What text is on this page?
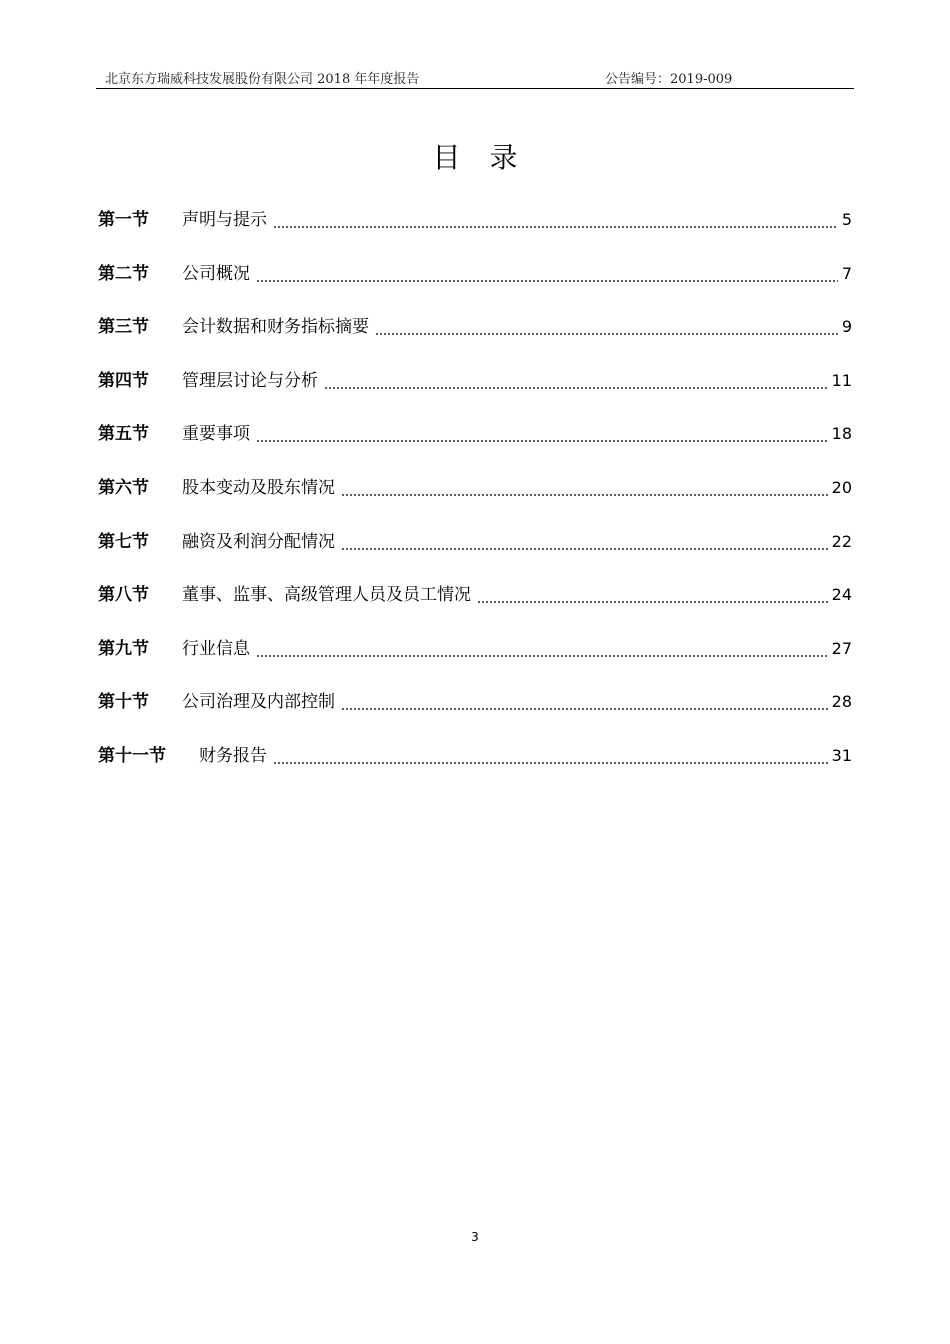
北京东方瑞威科技发展股份有限公司 2018 年年度报告	公告编号：2019-009
目 录
第一节	声明与提示	5
第二节	公司概况	7
第三节	会计数据和财务指标摘要	9
第四节	管理层讨论与分析	11
第五节	重要事项	18
第六节	股本变动及股东情况	20
第七节	融资及利润分配情况	22
第八节	董事、监事、高级管理人员及员工情况	24
第九节	行业信息	27
第十节	公司治理及内部控制	28
第十一节	财务报告	31
3
